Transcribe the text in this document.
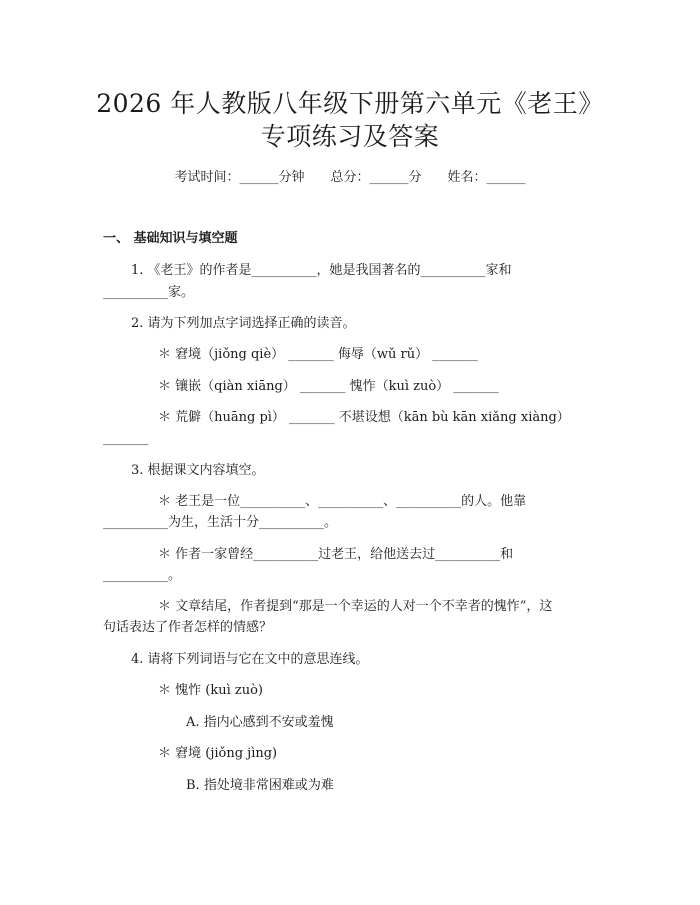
2026 年人教版八年级下册第六单元《老王》
专项练习及答案
考试时间：______分钟 总分：______分 姓名：______
一、 基础知识与填空题
1. 《老王》的作者是__________，她是我国著名的__________家和
__________家。
2. 请为下列加点字词选择正确的读音。
＊ 窘境（jiǒng qiè） _______ 侮辱（wǔ rǔ） _______
＊ 镶嵌（qiàn xiāng） _______ 愧怍（kuì zuò） _______
＊ 荒僻（huāng pì） _______ 不堪设想（kān bù kān xiǎng xiàng）
_______
3. 根据课文内容填空。
＊ 老王是一位__________、__________、__________的人。他靠
__________为生，生活十分__________。
＊ 作者一家曾经__________过老王，给他送去过__________和
__________。
＊ 文章结尾，作者提到“那是一个幸运的人对一个不幸者的愧怍”，这
句话表达了作者怎样的情感？
4. 请将下列词语与它在文中的意思连线。
＊ 愧怍 (kuì zuò)
A. 指内心感到不安或羞愧
＊ 窘境 (jiǒng jìng)
B. 指处境非常困难或为难
